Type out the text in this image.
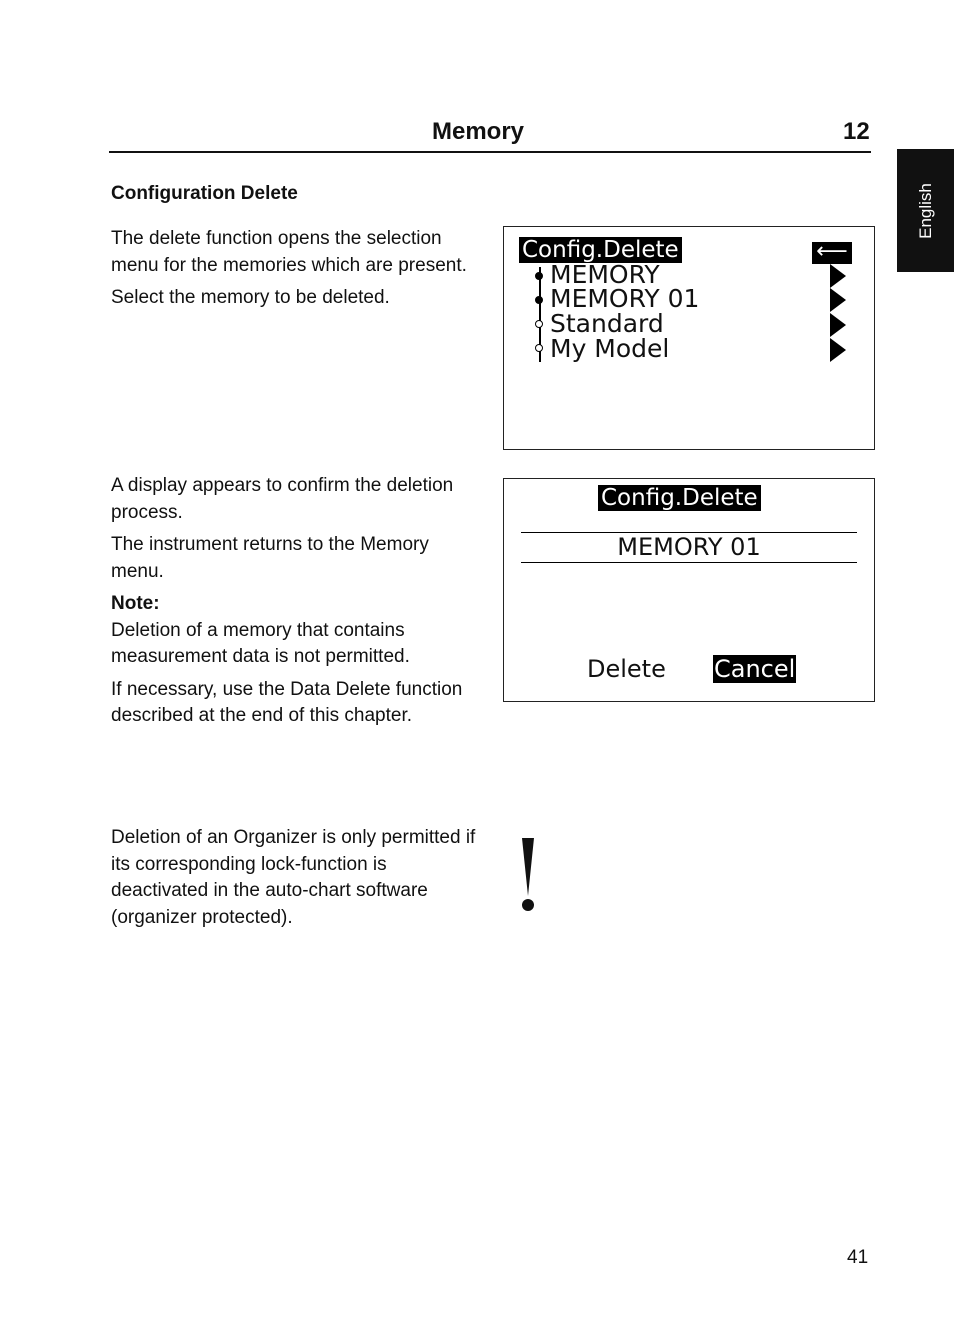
Memory	12
English
Configuration Delete

The delete function opens the selection menu for the memories which are present.

Select the memory to be deleted.

Config.Delete	⟵
MEMORY
MEMORY 01
Standard
My Model

A display appears to confirm the deletion process.

The instrument returns to the Memory menu.

Note:
Deletion of a memory that contains measurement data is not permitted.

If necessary, use the Data Delete function described at the end of this chapter.

Config.Delete
MEMORY 01
Delete Cancel

Deletion of an Organizer is only permitted if its corresponding lock-function is deactivated in the auto-chart software (organizer protected).

41
